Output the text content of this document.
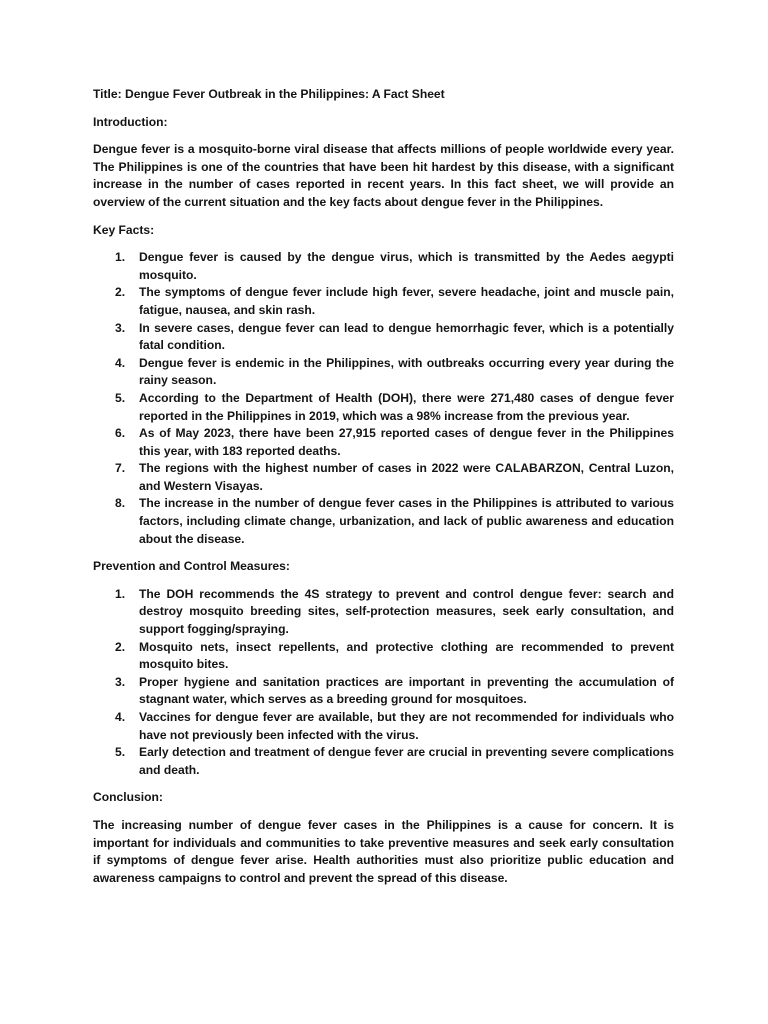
Title: Dengue Fever Outbreak in the Philippines: A Fact Sheet
Introduction:

Dengue fever is a mosquito-borne viral disease that affects millions of people worldwide every year. The Philippines is one of the countries that have been hit hardest by this disease, with a significant increase in the number of cases reported in recent years. In this fact sheet, we will provide an overview of the current situation and the key facts about dengue fever in the Philippines.

Key Facts:
1. Dengue fever is caused by the dengue virus, which is transmitted by the Aedes aegypti mosquito.
2. The symptoms of dengue fever include high fever, severe headache, joint and muscle pain, fatigue, nausea, and skin rash.
3. In severe cases, dengue fever can lead to dengue hemorrhagic fever, which is a potentially fatal condition.
4. Dengue fever is endemic in the Philippines, with outbreaks occurring every year during the rainy season.
5. According to the Department of Health (DOH), there were 271,480 cases of dengue fever reported in the Philippines in 2019, which was a 98% increase from the previous year.
6. As of May 2023, there have been 27,915 reported cases of dengue fever in the Philippines this year, with 183 reported deaths.
7. The regions with the highest number of cases in 2022 were CALABARZON, Central Luzon, and Western Visayas.
8. The increase in the number of dengue fever cases in the Philippines is attributed to various factors, including climate change, urbanization, and lack of public awareness and education about the disease.
Prevention and Control Measures:
1. The DOH recommends the 4S strategy to prevent and control dengue fever: search and destroy mosquito breeding sites, self-protection measures, seek early consultation, and support fogging/spraying.
2. Mosquito nets, insect repellents, and protective clothing are recommended to prevent mosquito bites.
3. Proper hygiene and sanitation practices are important in preventing the accumulation of stagnant water, which serves as a breeding ground for mosquitoes.
4. Vaccines for dengue fever are available, but they are not recommended for individuals who have not previously been infected with the virus.
5. Early detection and treatment of dengue fever are crucial in preventing severe complications and death.
Conclusion:

The increasing number of dengue fever cases in the Philippines is a cause for concern. It is important for individuals and communities to take preventive measures and seek early consultation if symptoms of dengue fever arise. Health authorities must also prioritize public education and awareness campaigns to control and prevent the spread of this disease.
